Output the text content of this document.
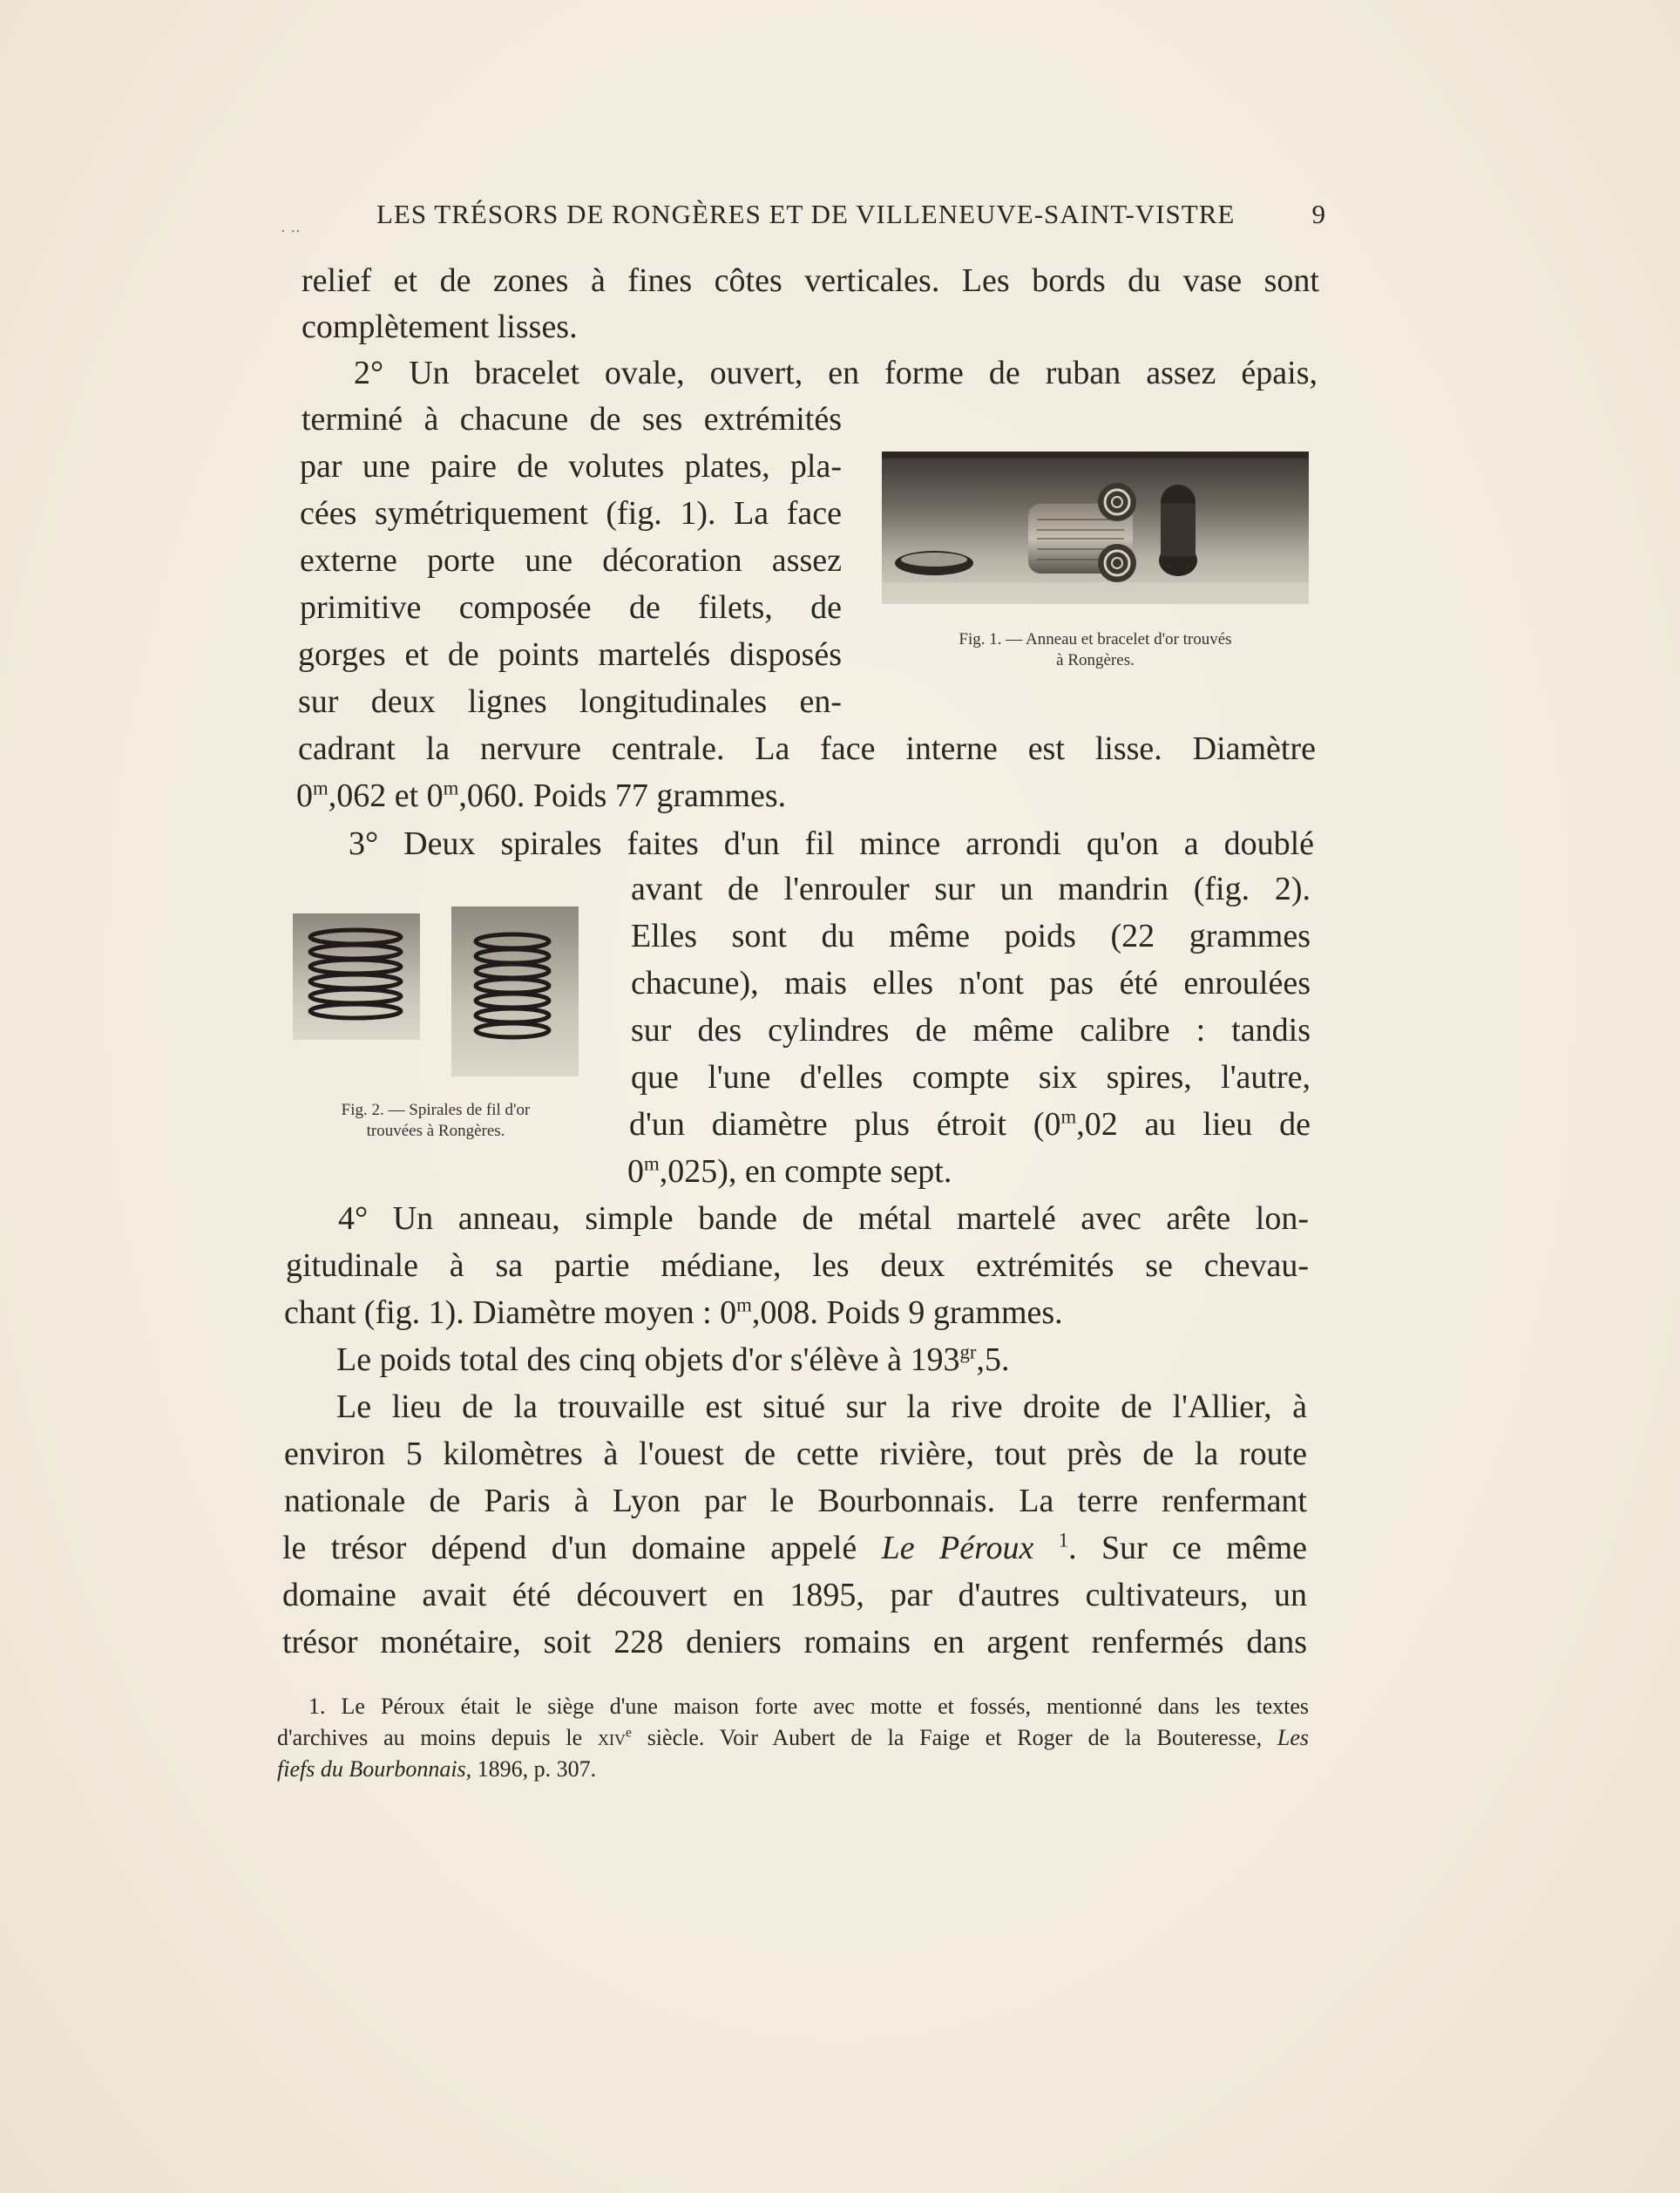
. ..	LES TRÉSORS DE RONGÈRES ET DE VILLENEUVE-SAINT-VISTRE	9
relief et de zones à fines côtes verticales. Les bords du vase sont
complètement lisses.
2° Un bracelet ovale, ouvert, en forme de ruban assez épais,
terminé à chacune de ses extrémités
par une paire de volutes plates, pla-
cées symétriquement (fig. 1). La face
externe porte une décoration assez
primitive composée de filets, de
gorges et de points martelés disposés
sur deux lignes longitudinales en-
Fig. 1. — Anneau et bracelet d'or trouvés
à Rongères.
cadrant la nervure centrale. La face interne est lisse. Diamètre
0$^m$,062 et 0$^m$,060. Poids 77 grammes.
3° Deux spirales faites d'un fil mince arrondi qu'on a doublé
Fig. 2. — Spirales de fil d'or
trouvées à Rongères.
avant de l'enrouler sur un mandrin (fig. 2).
Elles sont du même poids (22 grammes
chacune), mais elles n'ont pas été enroulées
sur des cylindres de même calibre : tandis
que l'une d'elles compte six spires, l'autre,
d'un diamètre plus étroit (0$^m$,02 au lieu de
0$^m$,025), en compte sept.
4° Un anneau, simple bande de métal martelé avec arête lon-
gitudinale à sa partie médiane, les deux extrémités se chevau-
chant (fig. 1). Diamètre moyen : 0$^m$,008. Poids 9 grammes.
Le poids total des cinq objets d'or s'élève à $193^{gr},5$.
Le lieu de la trouvaille est situé sur la rive droite de l'Allier, à
environ 5 kilomètres à l'ouest de cette rivière, tout près de la route
nationale de Paris à Lyon par le Bourbonnais. La terre renfermant
le trésor dépend d'un domaine appelé Le Péroux $^1$. Sur ce même
domaine avait été découvert en 1895, par d'autres cultivateurs, un
trésor monétaire, soit 228 deniers romains en argent renfermés dans
1. Le Péroux était le siège d'une maison forte avec motte et fossés, mentionné dans les textes
d'archives au moins depuis le xiv$^e$ siècle. Voir Aubert de la Faige et Roger de la Bouteresse, Les
fiefs du Bourbonnais, 1896, p. 307.
